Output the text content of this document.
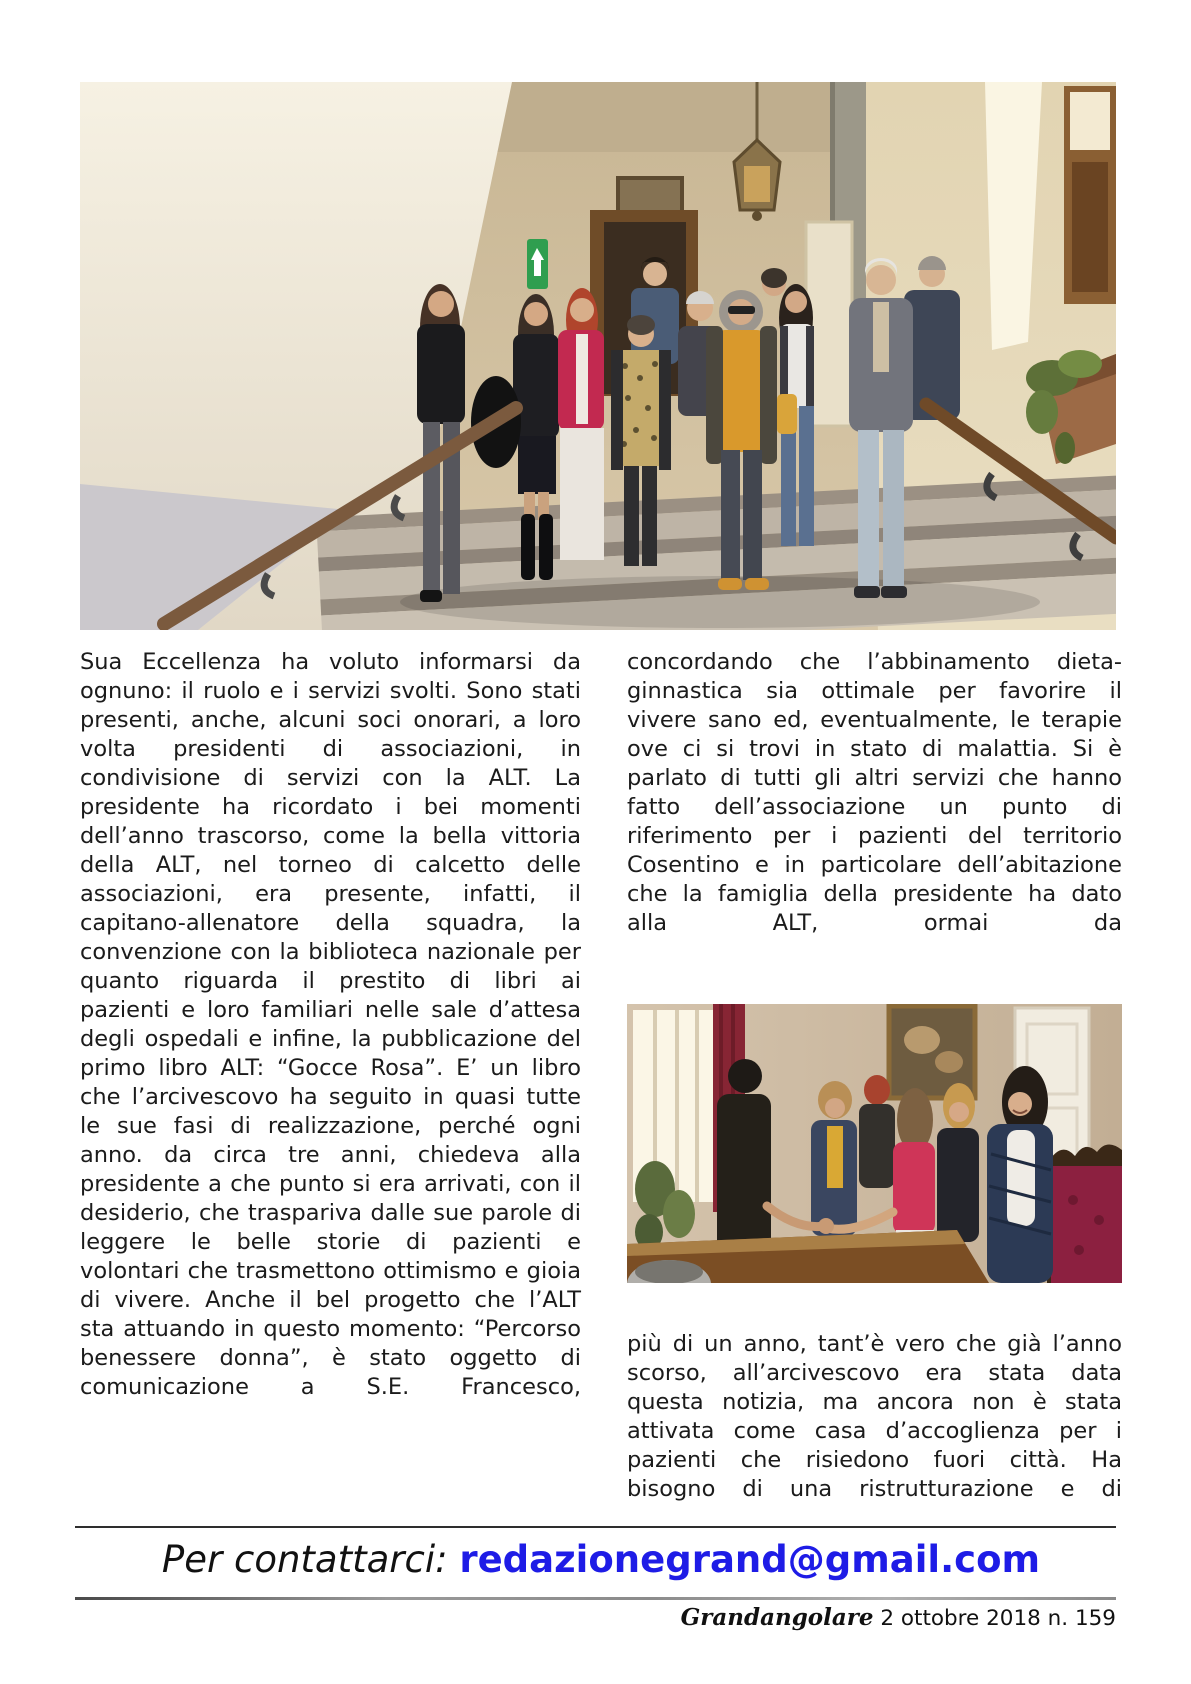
Sua Eccellenza ha voluto informarsi da ognuno: il ruolo e i servizi svolti. Sono stati presenti, anche, alcuni soci onorari, a loro volta presidenti di associazioni, in condivisione di servizi con la ALT. La presidente ha ricordato i bei momenti dell’anno trascorso, come la bella vittoria della ALT, nel torneo di calcetto delle associazioni, era presente, infatti, il capitano-allenatore della squadra, la convenzione con la biblioteca nazionale per quanto riguarda il prestito di libri ai pazienti e loro familiari nelle sale d’attesa degli ospedali e infine, la pubblicazione del primo libro ALT: “Gocce Rosa”. E’ un libro che l’arcivescovo ha seguito in quasi tutte le sue fasi di realizzazione, perché ogni anno. da circa tre anni, chiedeva alla presidente a che punto si era arrivati, con il desiderio, che traspariva dalle sue parole di leggere le belle storie di pazienti e volontari che trasmettono ottimismo e gioia di vivere. Anche il bel progetto che l’ALT sta attuando in questo momento: “Percorso benessere donna”, è stato oggetto di comunicazione a S.E. Francesco,

concordando che l’abbinamento dieta-ginnastica sia ottimale per favorire il vivere sano ed, eventualmente, le terapie ove ci si trovi in stato di malattia. Si è parlato di tutti gli altri servizi che hanno fatto dell’associazione un punto di riferimento per i pazienti del territorio Cosentino e in particolare dell’abitazione che la famiglia della presidente ha dato alla ALT, ormai da

più di un anno, tant’è vero che già l’anno scorso, all’arcivescovo era stata data questa notizia, ma ancora non è stata attivata come casa d’accoglienza per i pazienti che risiedono fuori città. Ha bisogno di una ristrutturazione e di

Per contattarci: redazionegrand@gmail.com

Grandangolare 2 ottobre 2018 n. 159
